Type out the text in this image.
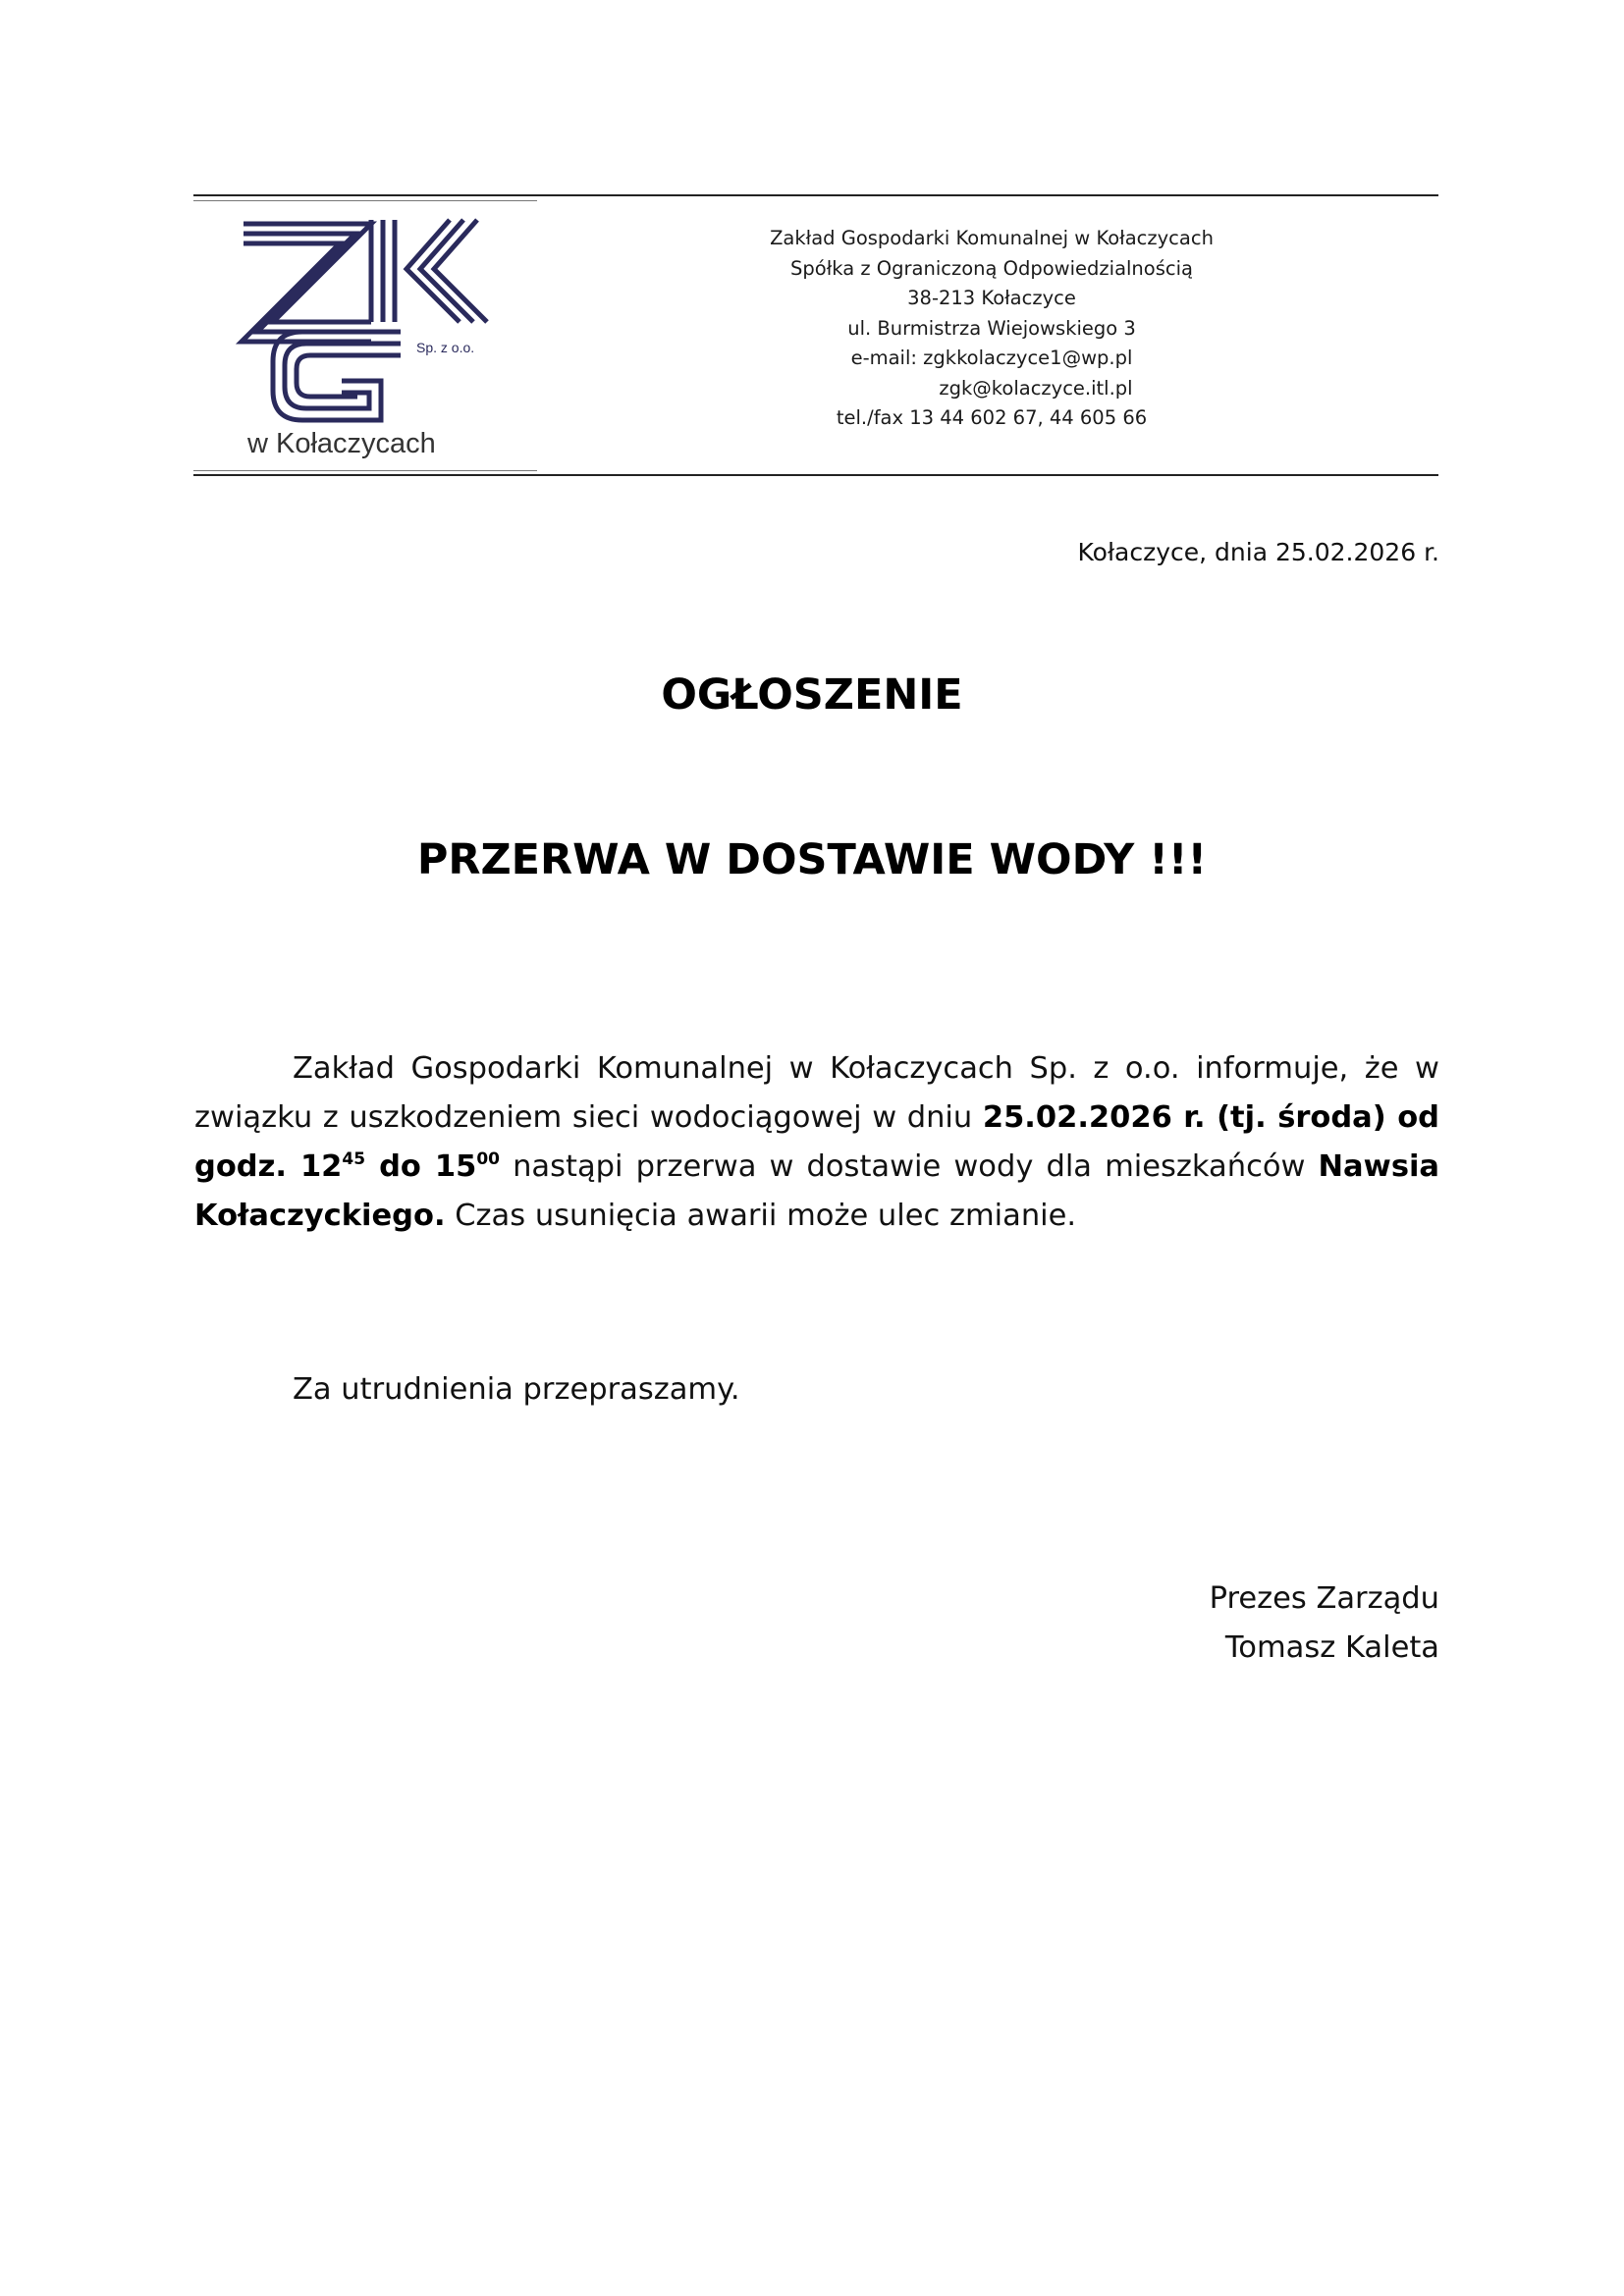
Sp. z o.o.
w Kołaczycach
Zakład Gospodarki Komunalnej w Kołaczycach
Spółka z Ograniczoną Odpowiedzialnością
38-213 Kołaczyce
ul. Burmistrza Wiejowskiego 3
e-mail: zgkkolaczyce1@wp.pl
zgk@kolaczyce.itl.pl
tel./fax 13 44 602 67, 44 605 66
Kołaczyce, dnia 25.02.2026 r.
OGŁOSZENIE
PRZERWA W DOSTAWIE WODY !!!
Zakład Gospodarki Komunalnej w Kołaczycach Sp. z o.o. informuje, że w związku z uszkodzeniem sieci wodociągowej w dniu 25.02.2026 r. (tj. środa) od godz. $12^{45}$ do $15^{00}$ nastąpi przerwa w dostawie wody dla mieszkańców Nawsia Kołaczyckiego. Czas usunięcia awarii może ulec zmianie.
Za utrudnienia przepraszamy.
Prezes Zarządu
Tomasz Kaleta
